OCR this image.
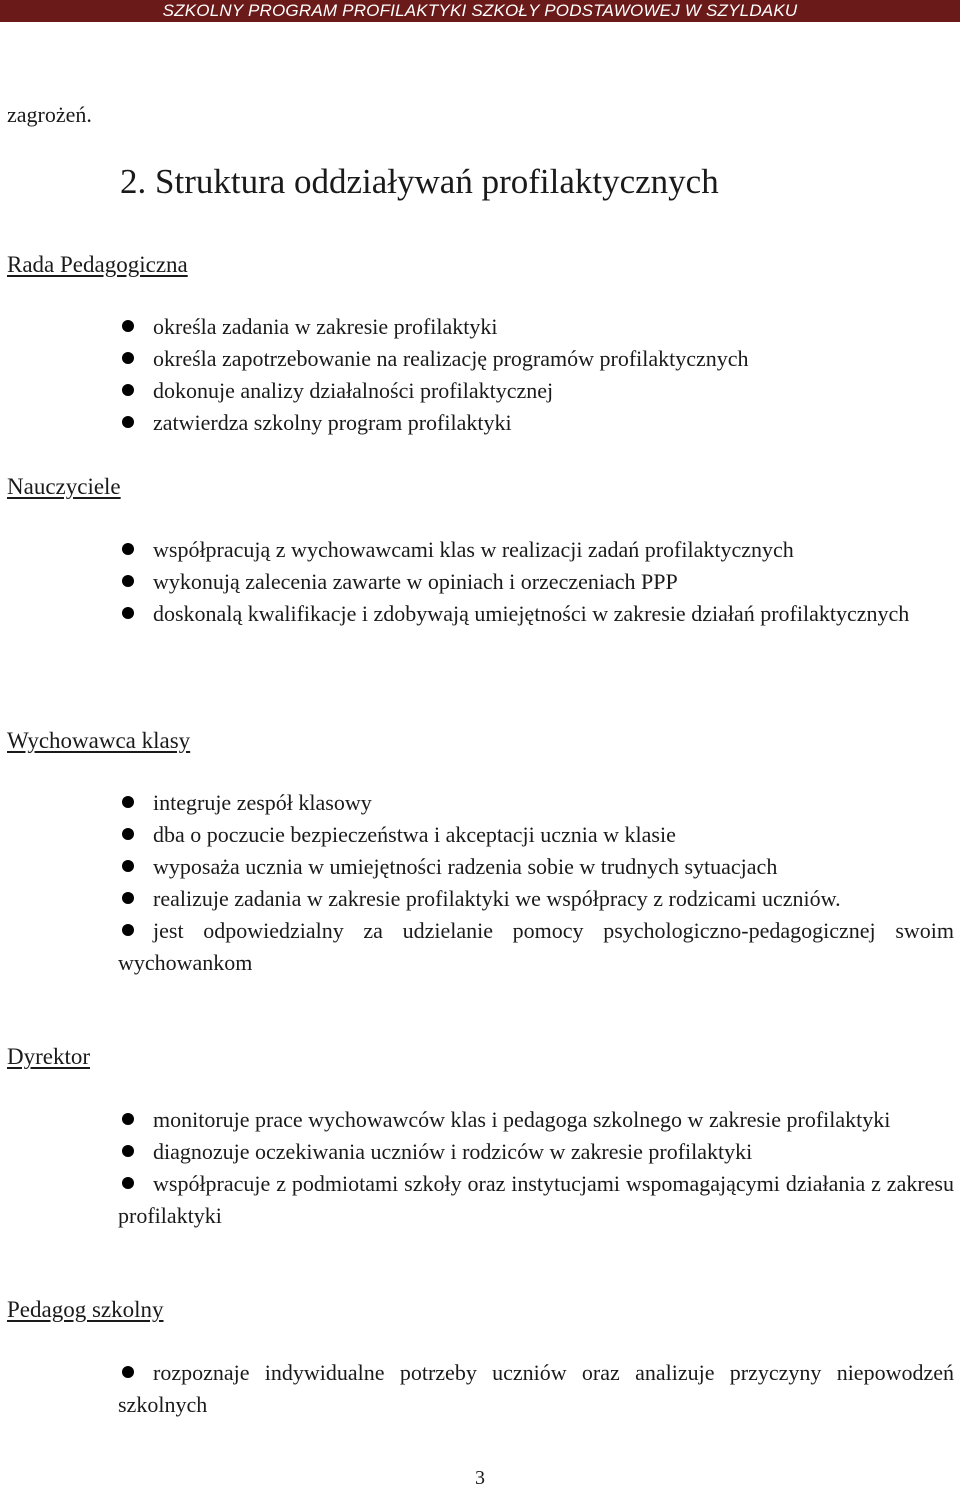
SZKOLNY PROGRAM PROFILAKTYKI SZKOŁY PODSTAWOWEJ W SZYLDAKU
zagrożeń.
2. Struktura oddziaływań profilaktycznych
Rada Pedagogiczna
określa zadania w zakresie profilaktyki
określa zapotrzebowanie na realizację programów profilaktycznych
dokonuje analizy działalności profilaktycznej
zatwierdza szkolny program profilaktyki
Nauczyciele
współpracują z wychowawcami klas w realizacji zadań profilaktycznych
wykonują zalecenia zawarte w opiniach i orzeczeniach PPP
doskonalą kwalifikacje i zdobywają umiejętności w zakresie działań profilaktycznych
Wychowawca klasy
integruje zespół klasowy
dba o poczucie bezpieczeństwa i akceptacji ucznia w klasie
wyposaża ucznia w umiejętności radzenia sobie w trudnych sytuacjach
realizuje zadania w zakresie profilaktyki we współpracy z rodzicami uczniów.
jest odpowiedzialny za udzielanie pomocy psychologiczno-pedagogicznej swoim wychowankom
Dyrektor
monitoruje prace wychowawców klas i pedagoga szkolnego w zakresie profilaktyki
diagnozuje oczekiwania uczniów i rodziców w zakresie profilaktyki
współpracuje z podmiotami szkoły oraz instytucjami wspomagającymi działania z zakresu profilaktyki
Pedagog szkolny
rozpoznaje indywidualne potrzeby uczniów oraz analizuje przyczyny niepowodzeń szkolnych
3
